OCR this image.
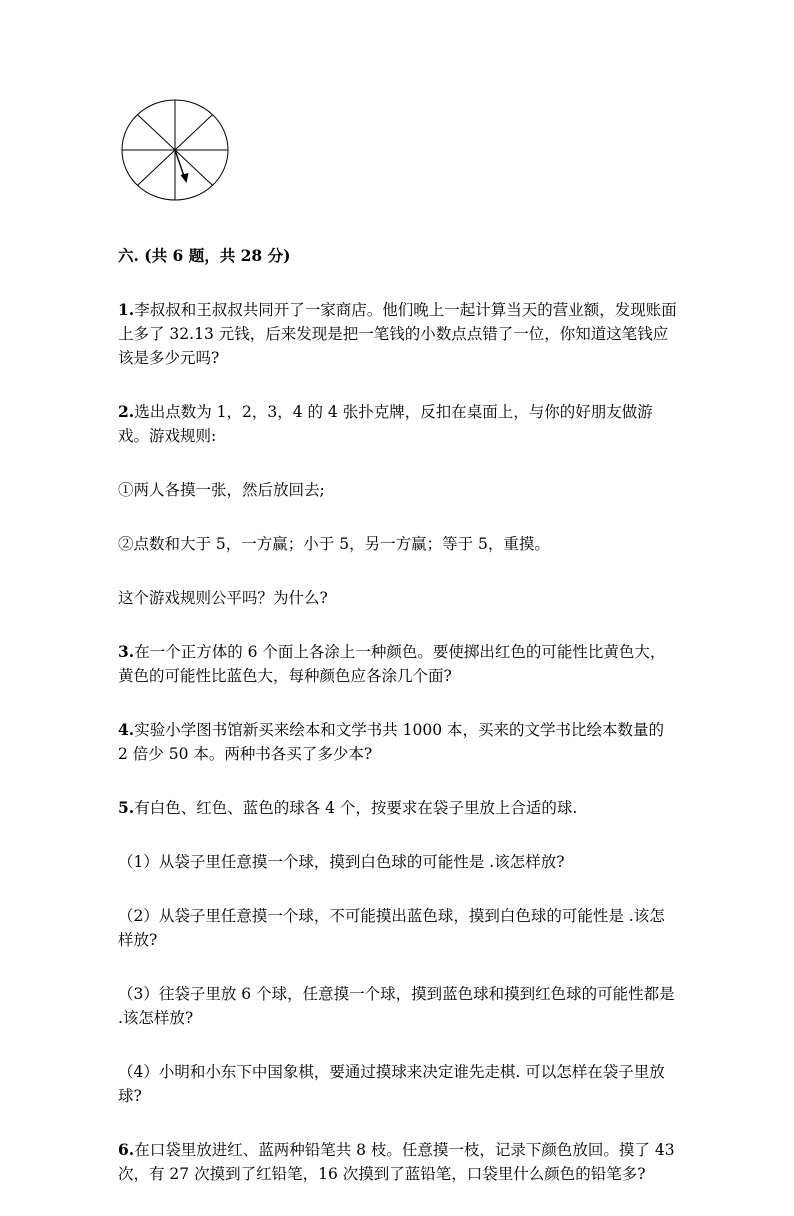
六. (共 6 题，共 28 分)
1.李叔叔和王叔叔共同开了一家商店。他们晚上一起计算当天的营业额，发现账面上多了 32.13 元钱，后来发现是把一笔钱的小数点点错了一位，你知道这笔钱应该是多少元吗?
2.选出点数为 1，2，3，4 的 4 张扑克牌，反扣在桌面上，与你的好朋友做游戏。游戏规则:
①两人各摸一张，然后放回去;
②点数和大于 5，一方赢；小于 5，另一方赢；等于 5，重摸。
这个游戏规则公平吗？为什么?
3.在一个正方体的 6 个面上各涂上一种颜色。要使掷出红色的可能性比黄色大，黄色的可能性比蓝色大，每种颜色应各涂几个面?
4.实验小学图书馆新买来绘本和文学书共 1000 本，买来的文学书比绘本数量的 2 倍少 50 本。两种书各买了多少本?
5.有白色、红色、蓝色的球各 4 个，按要求在袋子里放上合适的球.
（1）从袋子里任意摸一个球，摸到白色球的可能性是 .该怎样放?
（2）从袋子里任意摸一个球，不可能摸出蓝色球，摸到白色球的可能性是 .该怎样放?
（3）往袋子里放 6 个球，任意摸一个球，摸到蓝色球和摸到红色球的可能性都是 .该怎样放?
（4）小明和小东下中国象棋，要通过摸球来决定谁先走棋. 可以怎样在袋子里放球?
6.在口袋里放进红、蓝两种铅笔共 8 枝。任意摸一枝，记录下颜色放回。摸了 43 次，有 27 次摸到了红铅笔，16 次摸到了蓝铅笔，口袋里什么颜色的铅笔多?
